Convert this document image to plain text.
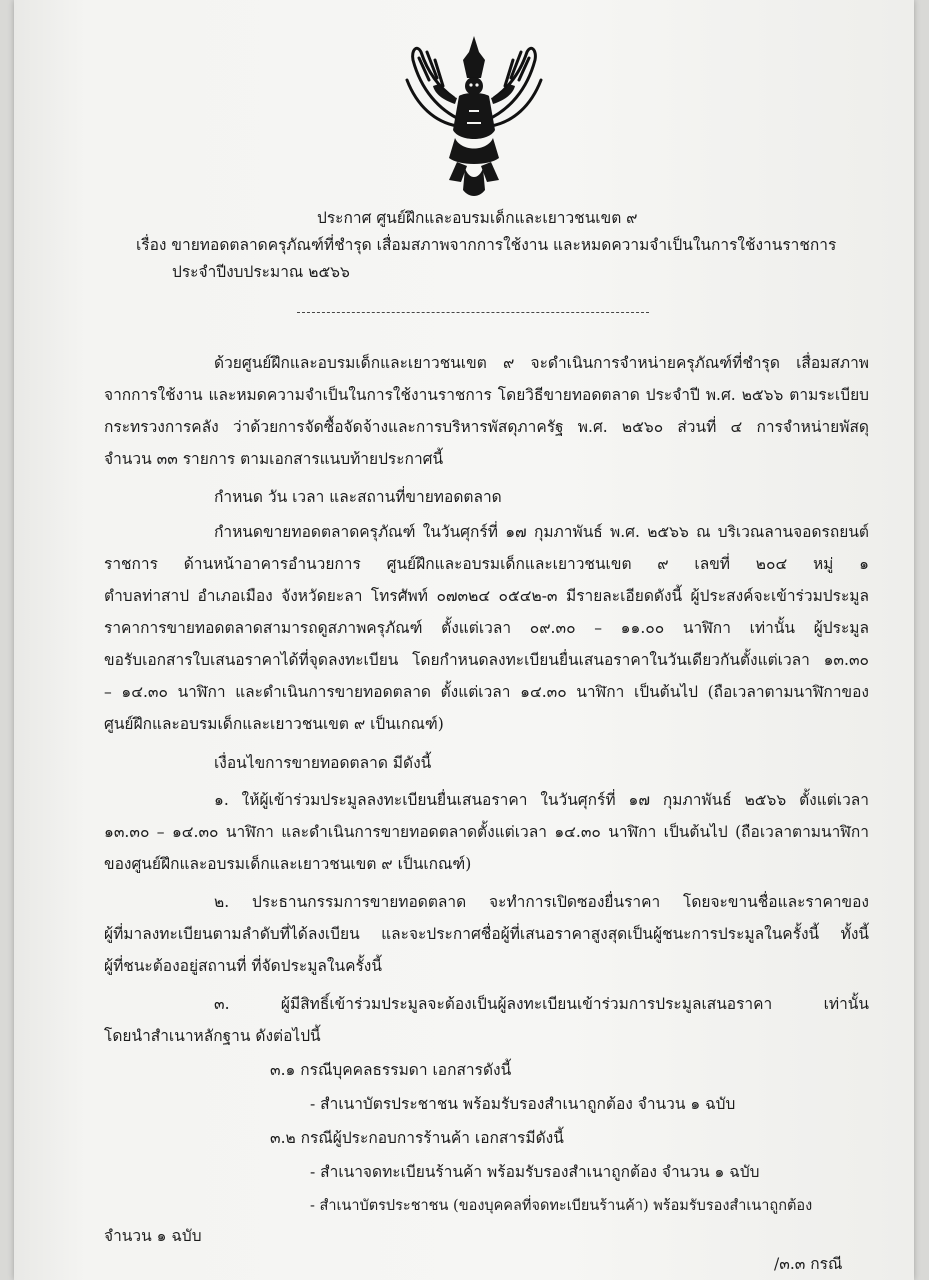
ประกาศ ศูนย์ฝึกและอบรมเด็กและเยาวชนเขต ๙
เรื่อง ขายทอดตลาดครุภัณฑ์ที่ชำรุด เสื่อมสภาพจากการใช้งาน และหมดความจำเป็นในการใช้งานราชการ
ประจำปีงบประมาณ ๒๕๖๖
ด้วยศูนย์ฝึกและอบรมเด็กและเยาวชนเขต ๙ จะดำเนินการจำหน่ายครุภัณฑ์ที่ชำรุด เสื่อมสภาพ
จากการใช้งาน และหมดความจำเป็นในการใช้งานราชการ โดยวิธีขายทอดตลาด ประจำปี พ.ศ. ๒๕๖๖ ตามระเบียบ
กระทรวงการคลัง ว่าด้วยการจัดซื้อจัดจ้างและการบริหารพัสดุภาครัฐ พ.ศ. ๒๕๖๐ ส่วนที่ ๔ การจำหน่ายพัสดุ
จำนวน ๓๓ รายการ ตามเอกสารแนบท้ายประกาศนี้
กำหนด วัน เวลา และสถานที่ขายทอดตลาด
กำหนดขายทอดตลาดครุภัณฑ์ ในวันศุกร์ที่ ๑๗ กุมภาพันธ์ พ.ศ. ๒๕๖๖ ณ บริเวณลานจอดรถยนต์
ราชการ ด้านหน้าอาคารอำนวยการ ศูนย์ฝึกและอบรมเด็กและเยาวชนเขต ๙ เลขที่ ๒๐๔ หมู่ ๑
ตำบลท่าสาป อำเภอเมือง จังหวัดยะลา โทรศัพท์ ๐๗๓๒๔ ๐๕๔๒-๓ มีรายละเอียดดังนี้ ผู้ประสงค์จะเข้าร่วมประมูล
ราคาการขายทอดตลาดสามารถดูสภาพครุภัณฑ์ ตั้งแต่เวลา ๐๙.๓๐ – ๑๑.๐๐ นาฬิกา เท่านั้น ผู้ประมูล
ขอรับเอกสารใบเสนอราคาได้ที่จุดลงทะเบียน โดยกำหนดลงทะเบียนยื่นเสนอราคาในวันเดียวกันตั้งแต่เวลา ๑๓.๓๐
– ๑๔.๓๐ นาฬิกา และดำเนินการขายทอดตลาด ตั้งแต่เวลา ๑๔.๓๐ นาฬิกา เป็นต้นไป (ถือเวลาตามนาฬิกาของ
ศูนย์ฝึกและอบรมเด็กและเยาวชนเขต ๙ เป็นเกณฑ์)
เงื่อนไขการขายทอดตลาด มีดังนี้
๑. ให้ผู้เข้าร่วมประมูลลงทะเบียนยื่นเสนอราคา ในวันศุกร์ที่ ๑๗ กุมภาพันธ์ ๒๕๖๖ ตั้งแต่เวลา
๑๓.๓๐ – ๑๔.๓๐ นาฬิกา และดำเนินการขายทอดตลาดตั้งแต่เวลา ๑๔.๓๐ นาฬิกา เป็นต้นไป (ถือเวลาตามนาฬิกา
ของศูนย์ฝึกและอบรมเด็กและเยาวชนเขต ๙ เป็นเกณฑ์)
๒. ประธานกรรมการขายทอดตลาด จะทำการเปิดซองยื่นราคา โดยจะขานชื่อและราคาของ
ผู้ที่มาลงทะเบียนตามลำดับที่ได้ลงเบียน และจะประกาศชื่อผู้ที่เสนอราคาสูงสุดเป็นผู้ชนะการประมูลในครั้งนี้ ทั้งนี้
ผู้ที่ชนะต้องอยู่สถานที่ ที่จัดประมูลในครั้งนี้
๓. ผู้มีสิทธิ์เข้าร่วมประมูลจะต้องเป็นผู้ลงทะเบียนเข้าร่วมการประมูลเสนอราคา เท่านั้น
โดยนำสำเนาหลักฐาน ดังต่อไปนี้
๓.๑ กรณีบุคคลธรรมดา เอกสารดังนี้
- สำเนาบัตรประชาชน พร้อมรับรองสำเนาถูกต้อง จำนวน ๑ ฉบับ
๓.๒ กรณีผู้ประกอบการร้านค้า เอกสารมีดังนี้
- สำเนาจดทะเบียนร้านค้า พร้อมรับรองสำเนาถูกต้อง จำนวน ๑ ฉบับ
- สำเนาบัตรประชาชน (ของบุคคลที่จดทะเบียนร้านค้า) พร้อมรับรองสำเนาถูกต้อง
จำนวน ๑ ฉบับ
/๓.๓ กรณี
